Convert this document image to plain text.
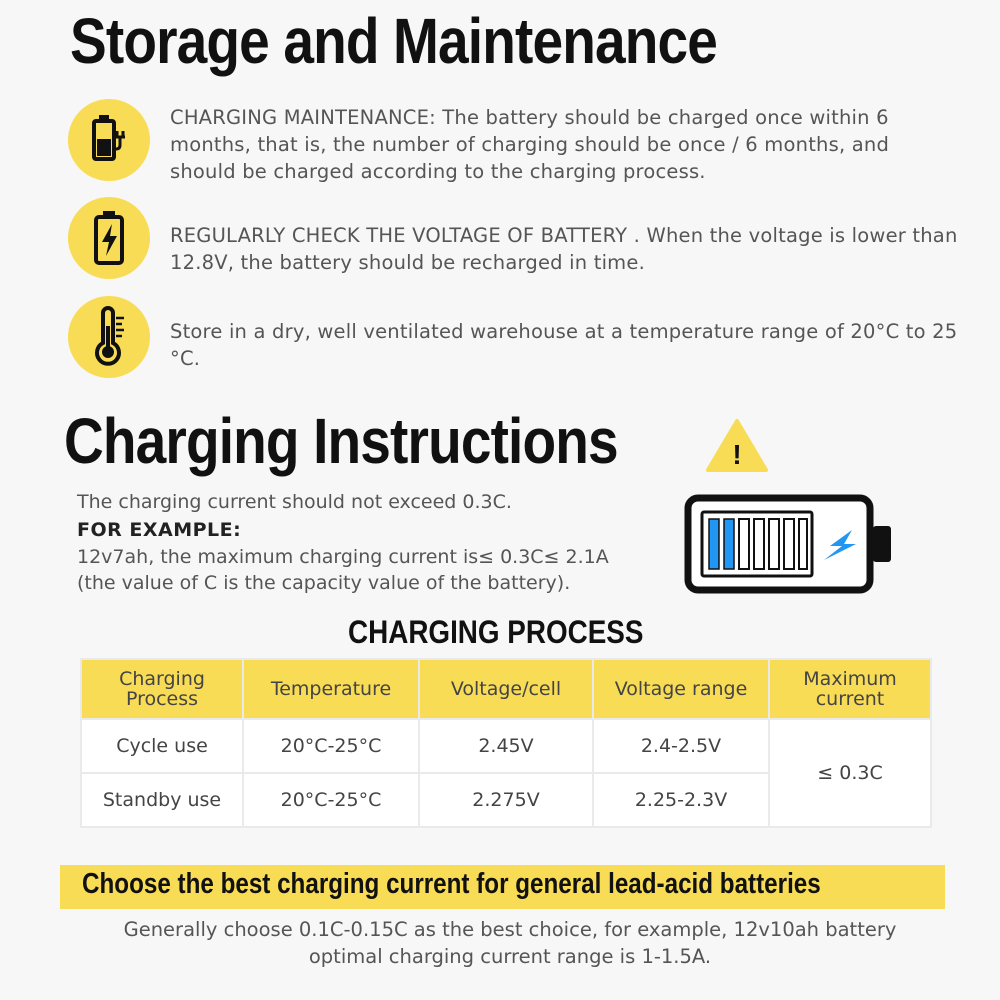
Storage and Maintenance
CHARGING MAINTENANCE: The battery should be charged once within 6 months, that is, the number of charging should be once / 6 months, and should be charged according to the charging process.
REGULARLY CHECK THE VOLTAGE OF BATTERY . When the voltage is lower than 12.8V, the battery should be recharged in time.
Store in a dry, well ventilated warehouse at a temperature range of 20°C to 25 °C.
Charging Instructions	!
The charging current should not exceed 0.3C.
FOR EXAMPLE:
12v7ah, the maximum charging current is≤ 0.3C≤ 2.1A
(the value of C is the capacity value of the battery).
CHARGING PROCESS
Charging Process	Temperature	Voltage/cell	Voltage range	Maximum current
Cycle use	20°C-25°C	2.45V	2.4-2.5V	≤ 0.3C
Standby use	20°C-25°C	2.275V	2.25-2.3V	
Choose the best charging current for general lead-acid batteries
Generally choose 0.1C-0.15C as the best choice, for example, 12v10ah battery optimal charging current range is 1-1.5A.
